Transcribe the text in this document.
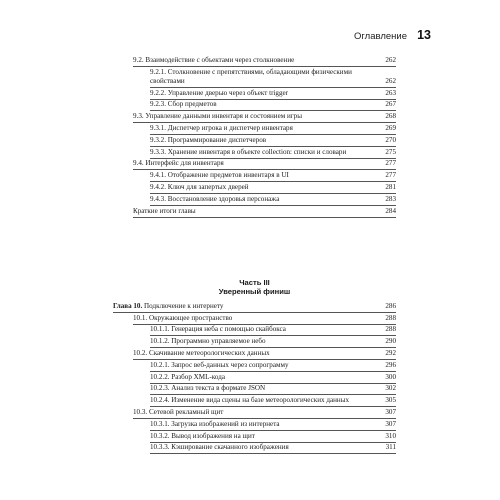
Оглавление 13
9.2. Взаимодействие с объектами через столкновение	262
9.2.1. Столкновение с препятствиями, обладающими физическими свойствами	262
9.2.2. Управление дверью через объект trigger	263
9.2.3. Сбор предметов	267
9.3. Управление данными инвентаря и состоянием игры	268
9.3.1. Диспетчер игрока и диспетчер инвентаря	269
9.3.2. Программирование диспетчеров	270
9.3.3. Хранение инвентаря в объекте collection: списки и словари	275
9.4. Интерфейс для инвентаря	277
9.4.1. Отображение предметов инвентаря в UI	277
9.4.2. Ключ для запертых дверей	281
9.4.3. Восстановление здоровья персонажа	283
Краткие итоги главы	284
Часть III
Уверенный финиш
Глава 10. Подключение к интернету	286
10.1. Окружающее пространство	288
10.1.1. Генерация неба с помощью скайбокса	288
10.1.2. Программно управляемое небо	290
10.2. Скачивание метеорологических данных	292
10.2.1. Запрос веб-данных через сопрограмму	296
10.2.2. Разбор XML-кода	300
10.2.3. Анализ текста в формате JSON	302
10.2.4. Изменение вида сцены на базе метеорологических данных	305
10.3. Сетевой рекламный щит	307
10.3.1. Загрузка изображений из интернета	307
10.3.2. Вывод изображения на щит	310
10.3.3. Кэширование скачанного изображения	311
